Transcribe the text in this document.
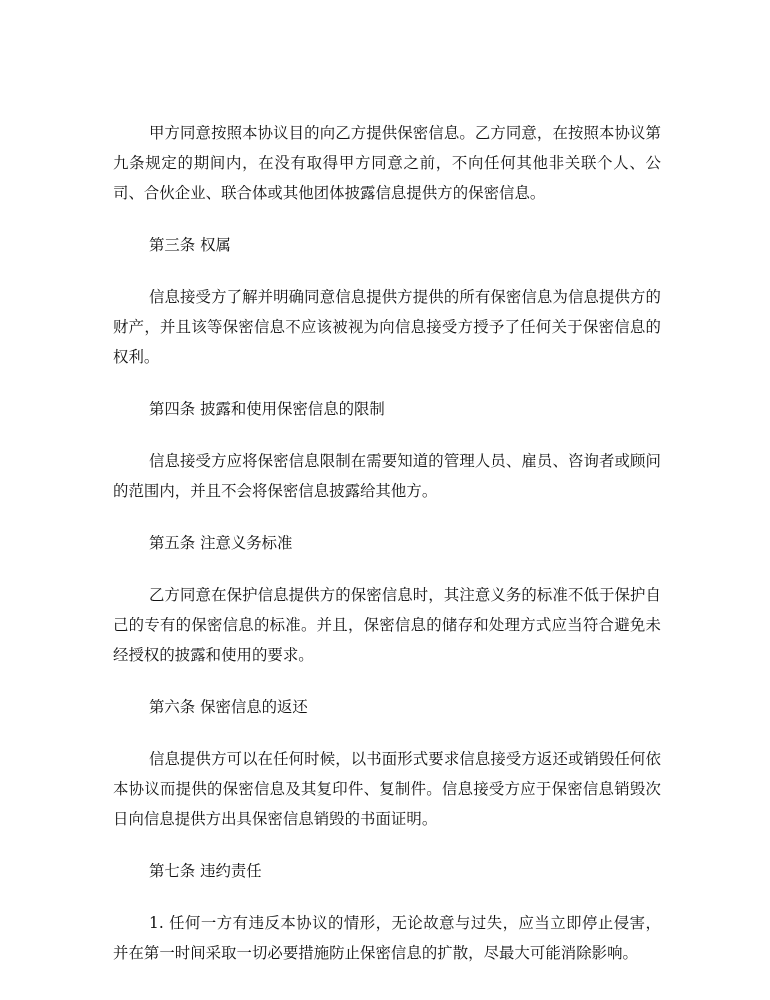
甲方同意按照本协议目的向乙方提供保密信息。乙方同意，在按照本协议第九条规定的期间内，在没有取得甲方同意之前，不向任何其他非关联个人、公司、合伙企业、联合体或其他团体披露信息提供方的保密信息。

第三条 权属

信息接受方了解并明确同意信息提供方提供的所有保密信息为信息提供方的财产，并且该等保密信息不应该被视为向信息接受方授予了任何关于保密信息的权利。

第四条 披露和使用保密信息的限制

信息接受方应将保密信息限制在需要知道的管理人员、雇员、咨询者或顾问的范围内，并且不会将保密信息披露给其他方。

第五条 注意义务标准

乙方同意在保护信息提供方的保密信息时，其注意义务的标准不低于保护自己的专有的保密信息的标准。并且，保密信息的储存和处理方式应当符合避免未经授权的披露和使用的要求。

第六条 保密信息的返还

信息提供方可以在任何时候，以书面形式要求信息接受方返还或销毁任何依本协议而提供的保密信息及其复印件、复制件。信息接受方应于保密信息销毁次日向信息提供方出具保密信息销毁的书面证明。

第七条 违约责任

1. 任何一方有违反本协议的情形，无论故意与过失，应当立即停止侵害，并在第一时间采取一切必要措施防止保密信息的扩散，尽最大可能消除影响。
